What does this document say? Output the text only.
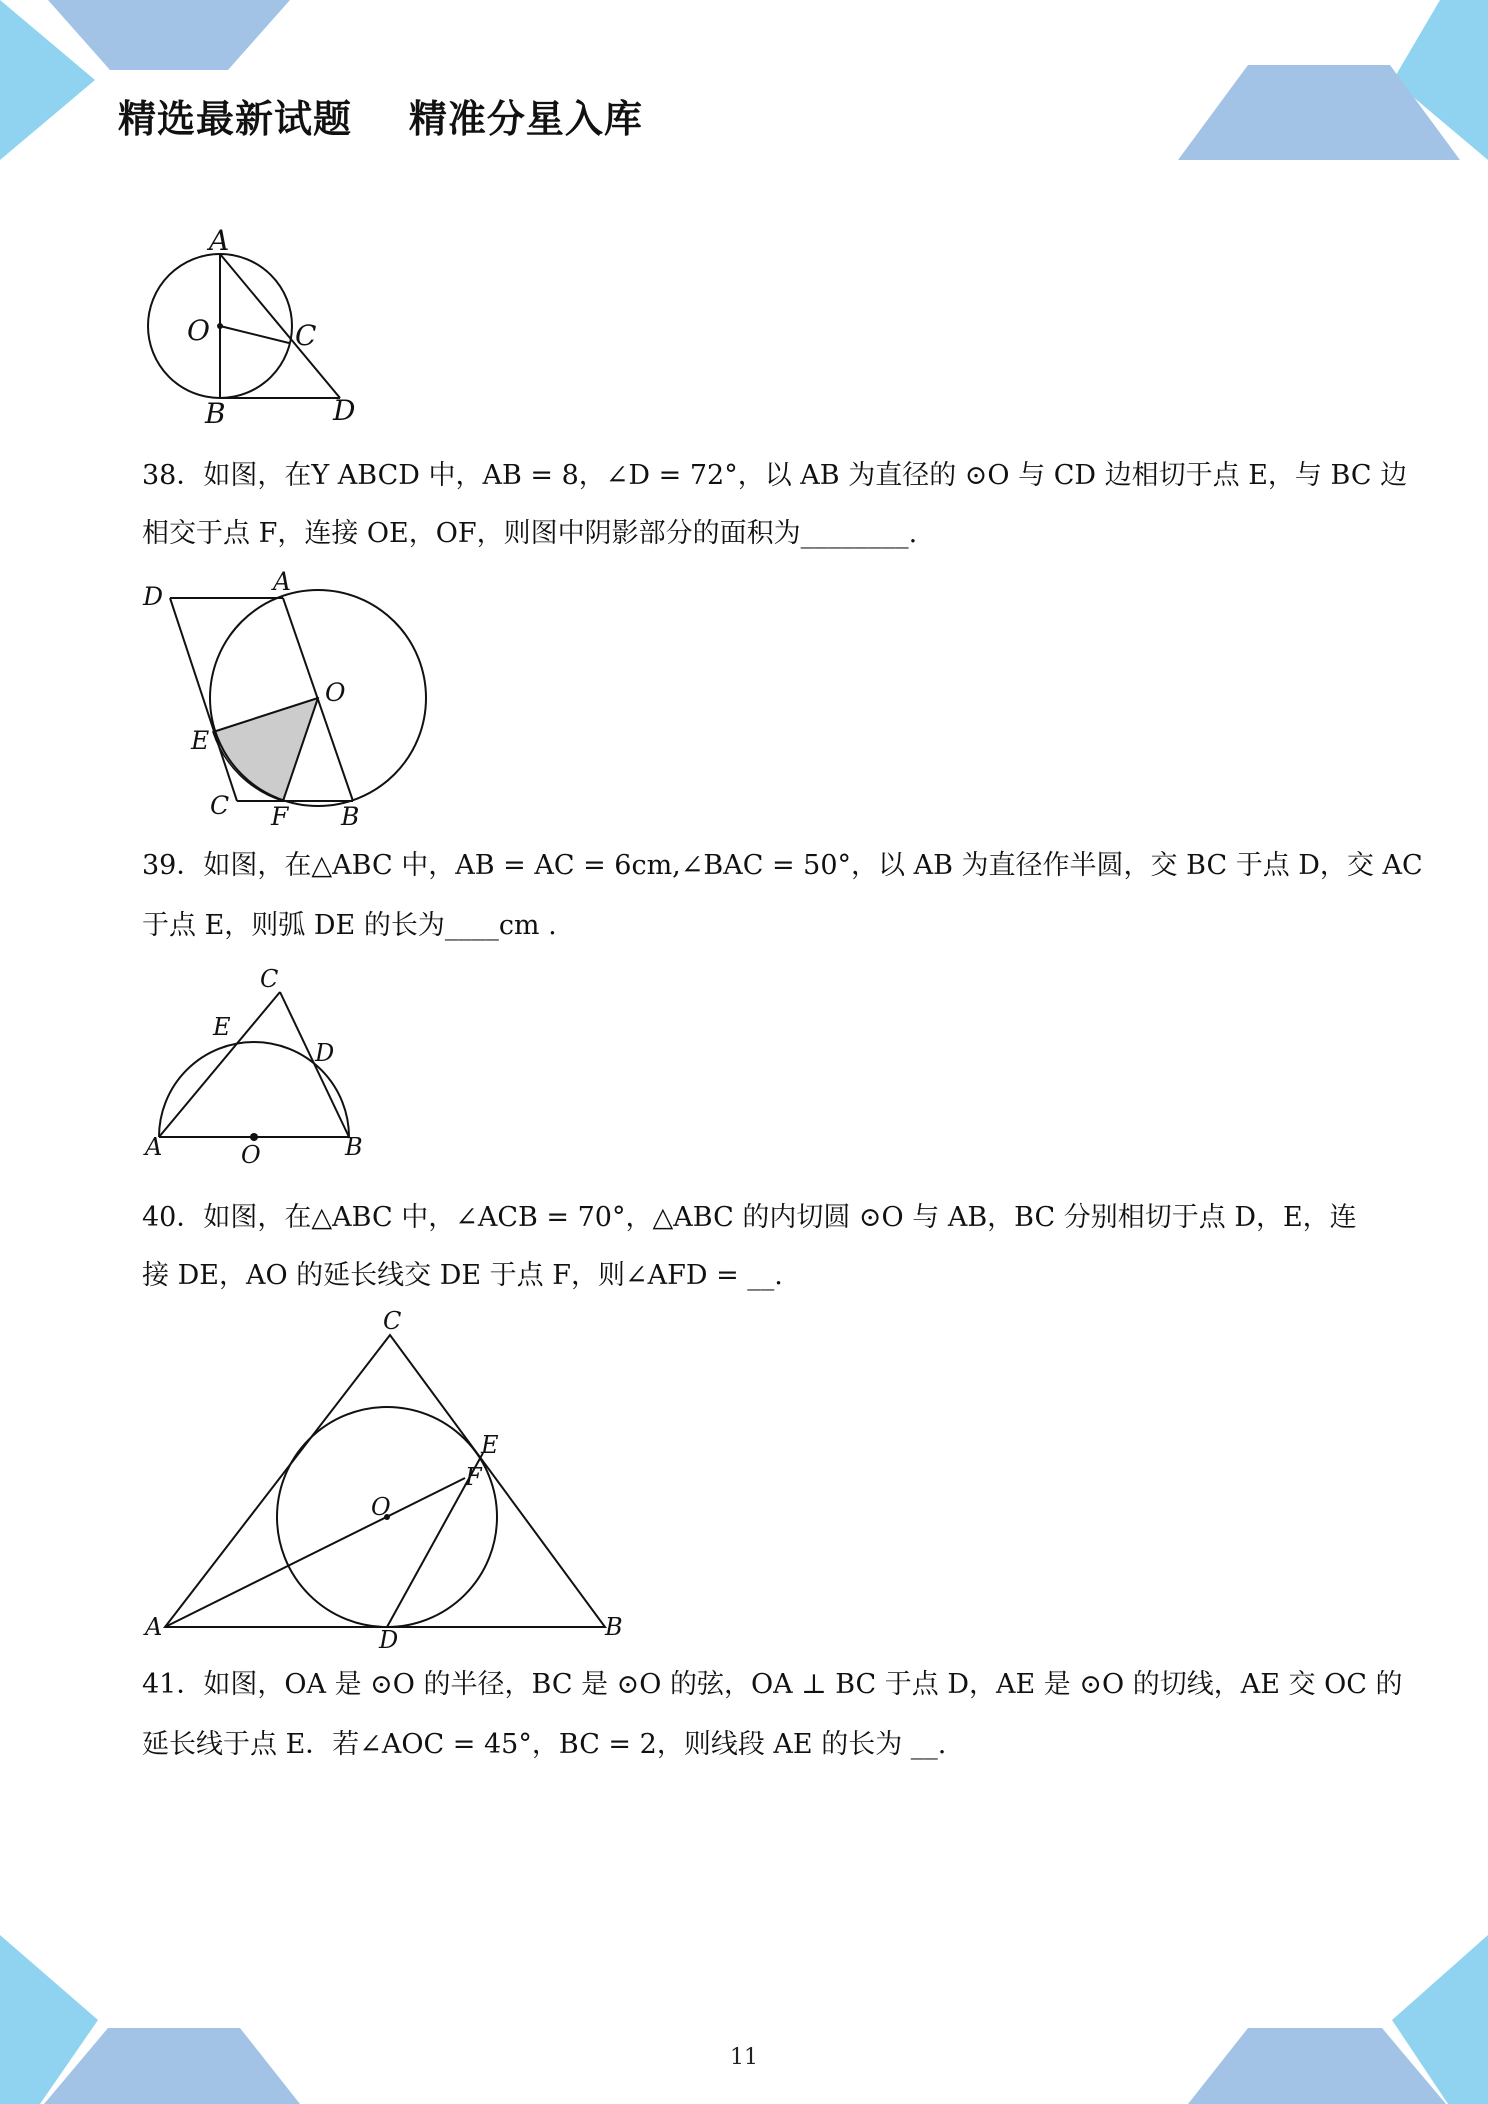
精选最新试题    精准分星入库
A
O	C
B	D
38．如图，在Y ABCD 中，AB = 8，∠D = 72°，以 AB 为直径的 ⊙O 与 CD 边相切于点 E，与 BC 边
相交于点 F，连接 OE，OF，则图中阴影部分的面积为________.
D
A
O
E
C F B
39．如图，在△ABC 中，AB = AC = 6cm,∠BAC = 50°，以 AB 为直径作半圆，交 BC 于点 D，交 AC
于点 E，则弧 DE 的长为____cm .
C
E
D
A	O	B
40．如图，在△ABC 中，∠ACB = 70°，△ABC 的内切圆 ⊙O 与 AB，BC 分别相切于点 D，E，连
接 DE，AO 的延长线交 DE 于点 F，则∠AFD = __.
C
E
F
O
A	D	B
41．如图，OA 是 ⊙O 的半径，BC 是 ⊙O 的弦，OA ⊥ BC 于点 D，AE 是 ⊙O 的切线，AE 交 OC 的
延长线于点 E．若∠AOC = 45°，BC = 2，则线段 AE 的长为 __.
11
